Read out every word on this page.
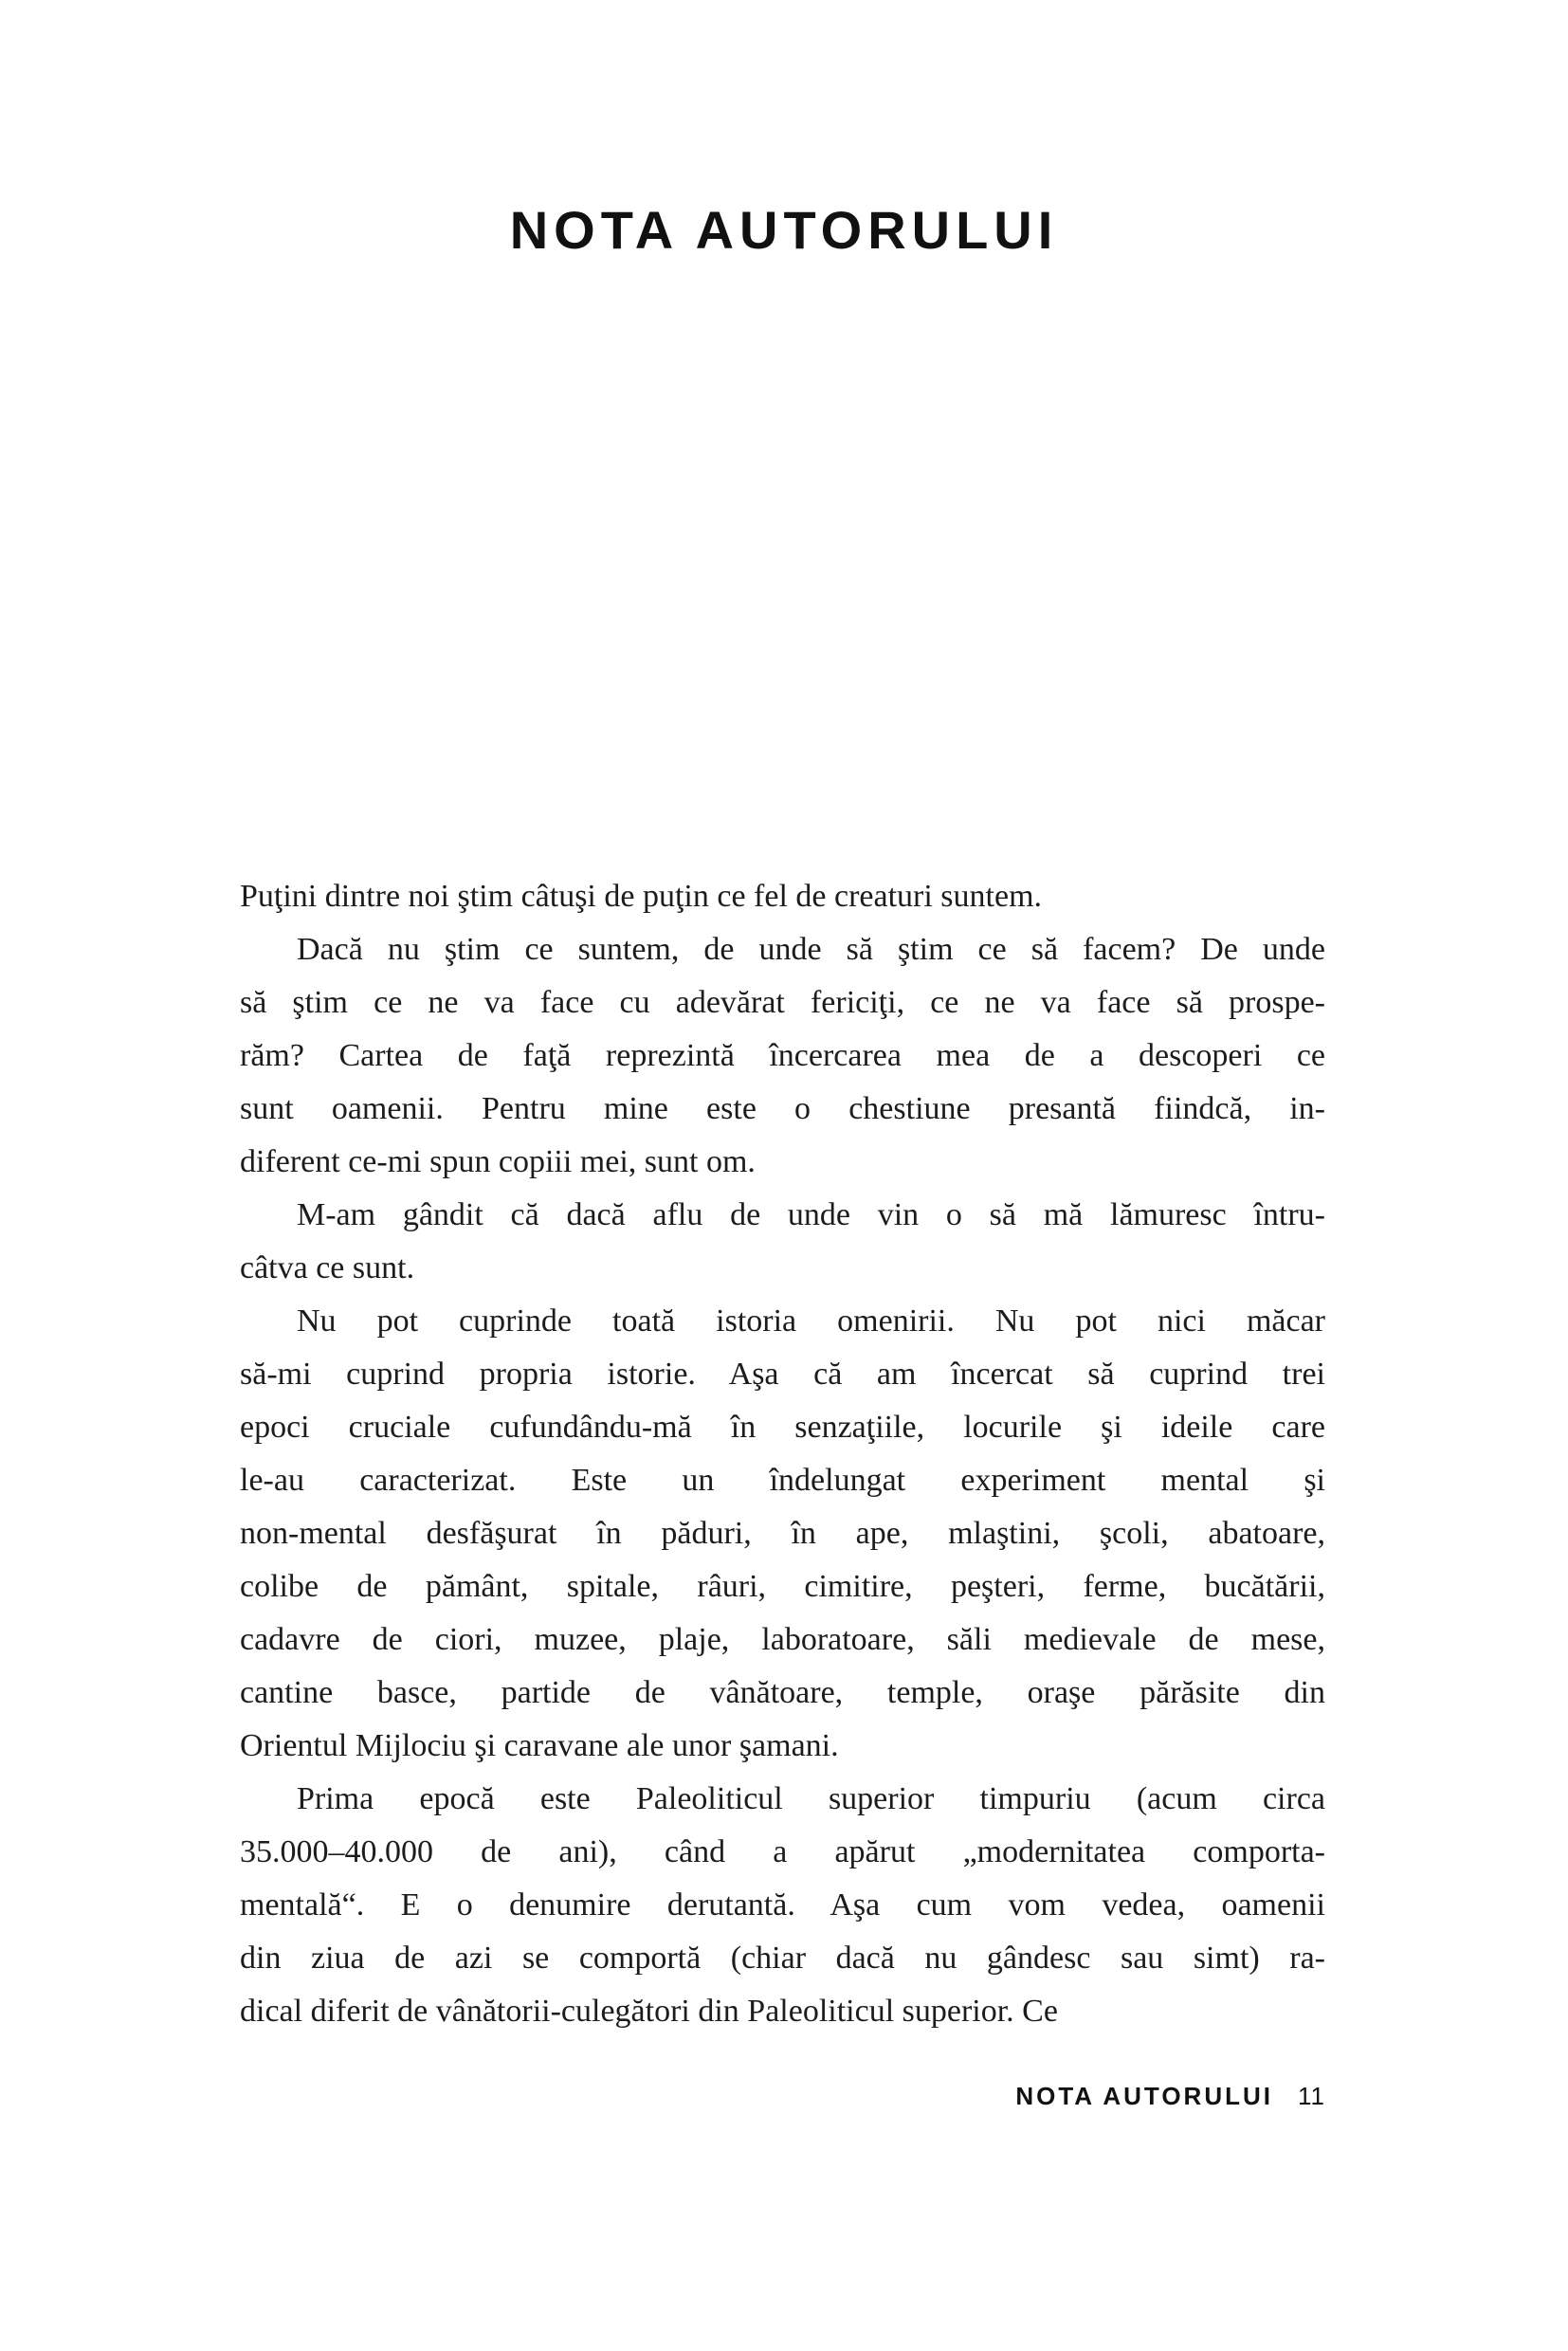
NOTA AUTORULUI
Puţini dintre noi ştim câtuşi de puţin ce fel de creaturi suntem.
Dacă nu ştim ce suntem, de unde să ştim ce să facem? De unde
să ştim ce ne va face cu adevărat fericiţi, ce ne va face să prospe-
răm? Cartea de faţă reprezintă încercarea mea de a descoperi ce
sunt oamenii. Pentru mine este o chestiune presantă fiindcă, in-
diferent ce-mi spun copiii mei, sunt om.
M-am gândit că dacă aflu de unde vin o să mă lămuresc întru-
câtva ce sunt.
Nu pot cuprinde toată istoria omenirii. Nu pot nici măcar
să-mi cuprind propria istorie. Aşa că am încercat să cuprind trei
epoci cruciale cufundându-mă în senzaţiile, locurile şi ideile care
le-au caracterizat. Este un îndelungat experiment mental şi
non-mental desfăşurat în păduri, în ape, mlaştini, şcoli, abatoare,
colibe de pământ, spitale, râuri, cimitire, peşteri, ferme, bucătării,
cadavre de ciori, muzee, plaje, laboratoare, săli medievale de mese,
cantine basce, partide de vânătoare, temple, oraşe părăsite din
Orientul Mijlociu şi caravane ale unor şamani.
Prima epocă este Paleoliticul superior timpuriu (acum circa
35.000–40.000 de ani), când a apărut „modernitatea comporta-
mentală“. E o denumire derutantă. Aşa cum vom vedea, oamenii
din ziua de azi se comportă (chiar dacă nu gândesc sau simt) ra-
dical diferit de vânătorii-culegători din Paleoliticul superior. Ce
NOTA AUTORULUI 11
